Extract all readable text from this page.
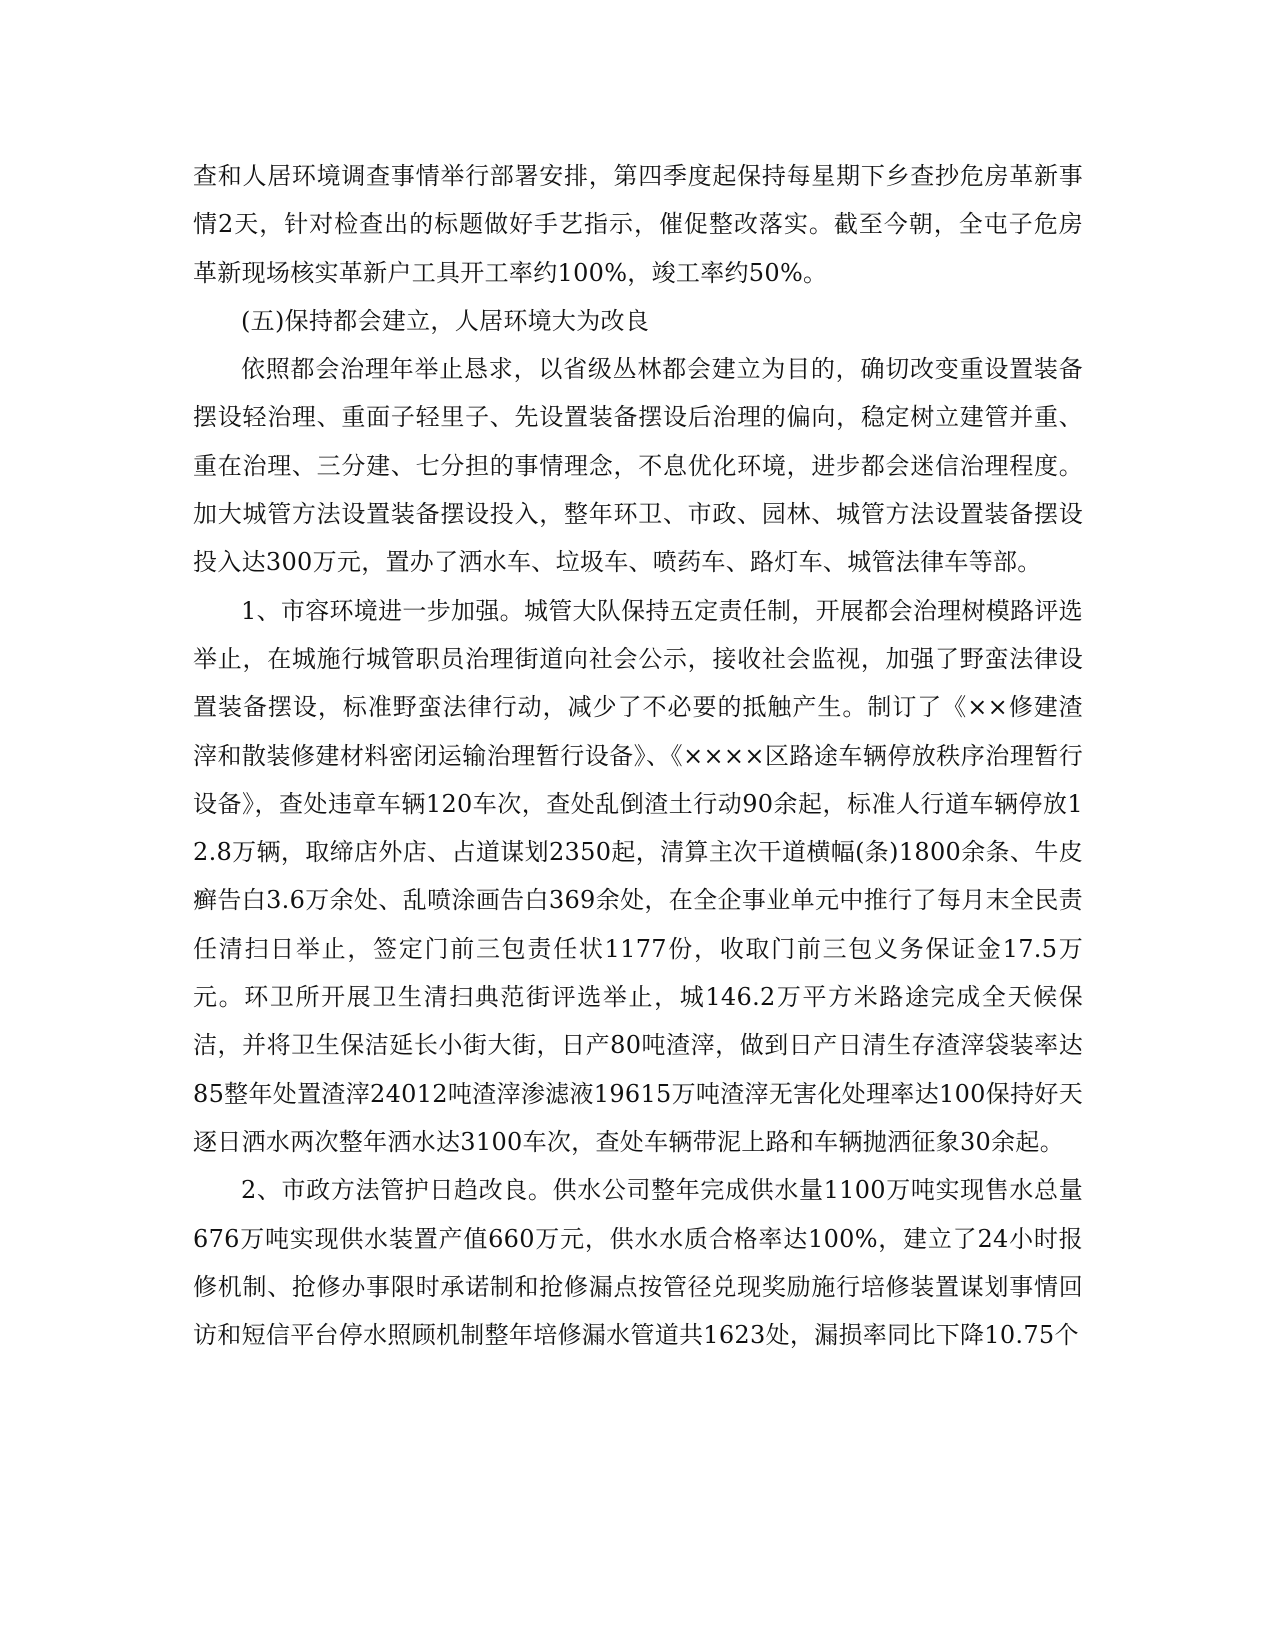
查和人居环境调查事情举行部署安排，第四季度起保持每星期下乡查抄危房革新事情2天，针对检查出的标题做好手艺指示，催促整改落实。截至今朝，全屯子危房革新现场核实革新户工具开工率约100%，竣工率约50%。

(五)保持都会建立，人居环境大为改良

依照都会治理年举止恳求，以省级丛林都会建立为目的，确切改变重设置装备摆设轻治理、重面子轻里子、先设置装备摆设后治理的偏向，稳定树立建管并重、重在治理、三分建、七分担的事情理念，不息优化环境，进步都会迷信治理程度。加大城管方法设置装备摆设投入，整年环卫、市政、园林、城管方法设置装备摆设投入达300万元，置办了洒水车、垃圾车、喷药车、路灯车、城管法律车等部。

1、市容环境进一步加强。城管大队保持五定责任制，开展都会治理树模路评选举止，在城施行城管职员治理街道向社会公示，接收社会监视，加强了野蛮法律设置装备摆设，标准野蛮法律行动，减少了不必要的抵触产生。制订了《××修建渣滓和散装修建材料密闭运输治理暂行设备》、《××××区路途车辆停放秩序治理暂行设备》，查处违章车辆120车次，查处乱倒渣土行动90余起，标准人行道车辆停放12.8万辆，取缔店外店、占道谋划2350起，清算主次干道横幅(条)1800余条、牛皮癣告白3.6万余处、乱喷涂画告白369余处，在全企事业单元中推行了每月末全民责任清扫日举止，签定门前三包责任状1177份，收取门前三包义务保证金17.5万元。环卫所开展卫生清扫典范街评选举止，城146.2万平方米路途完成全天候保洁，并将卫生保洁延长小街大街，日产80吨渣滓，做到日产日清生存渣滓袋装率达85整年处置渣滓24012吨渣滓渗滤液19615万吨渣滓无害化处理率达100保持好天逐日洒水两次整年洒水达3100车次，查处车辆带泥上路和车辆抛洒征象30余起。

2、市政方法管护日趋改良。供水公司整年完成供水量1100万吨实现售水总量676万吨实现供水装置产值660万元，供水水质合格率达100%，建立了24小时报修机制、抢修办事限时承诺制和抢修漏点按管径兑现奖励施行培修装置谋划事情回访和短信平台停水照顾机制整年培修漏水管道共1623处，漏损率同比下降10.75个
